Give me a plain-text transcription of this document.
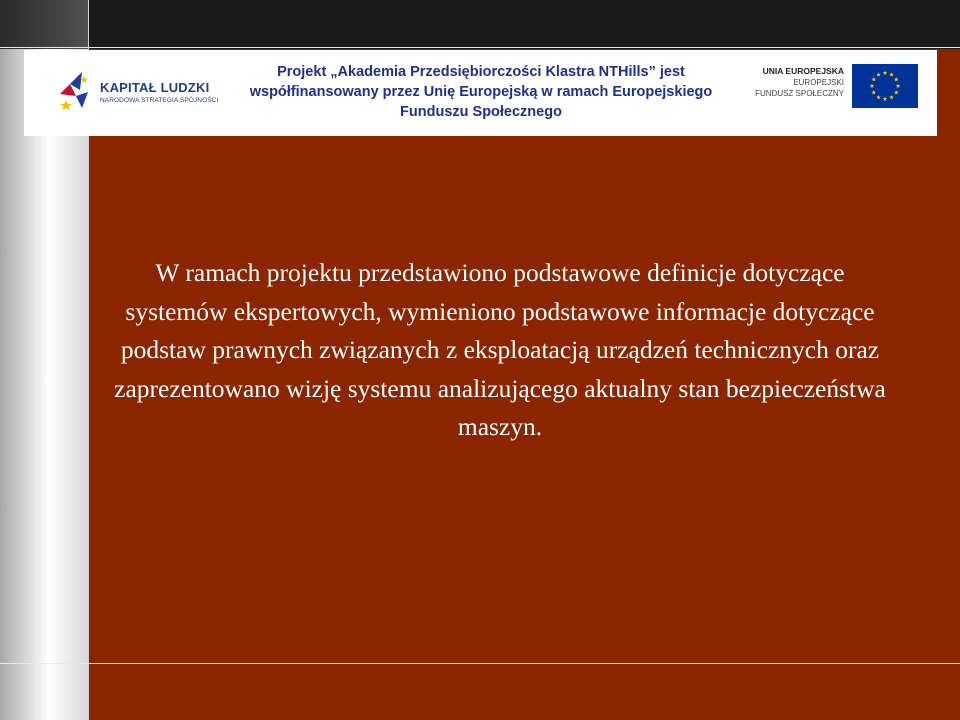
KAPITAŁ LUDZKI
NARODOWA STRATEGIA SPÓJNOŚCI
Projekt „Akademia Przedsiębiorczości Klastra NTHills” jest współfinansowany przez Unię Europejską w ramach Europejskiego Funduszu Społecznego
UNIA EUROPEJSKA
EUROPEJSKI
FUNDUSZ SPOŁECZNY
W ramach projektu przedstawiono podstawowe definicje dotyczące systemów ekspertowych, wymieniono podstawowe informacje dotyczące podstaw prawnych związanych z eksploatacją urządzeń technicznych oraz zaprezentowano wizję systemu analizującego aktualny stan bezpieczeństwa maszyn.
